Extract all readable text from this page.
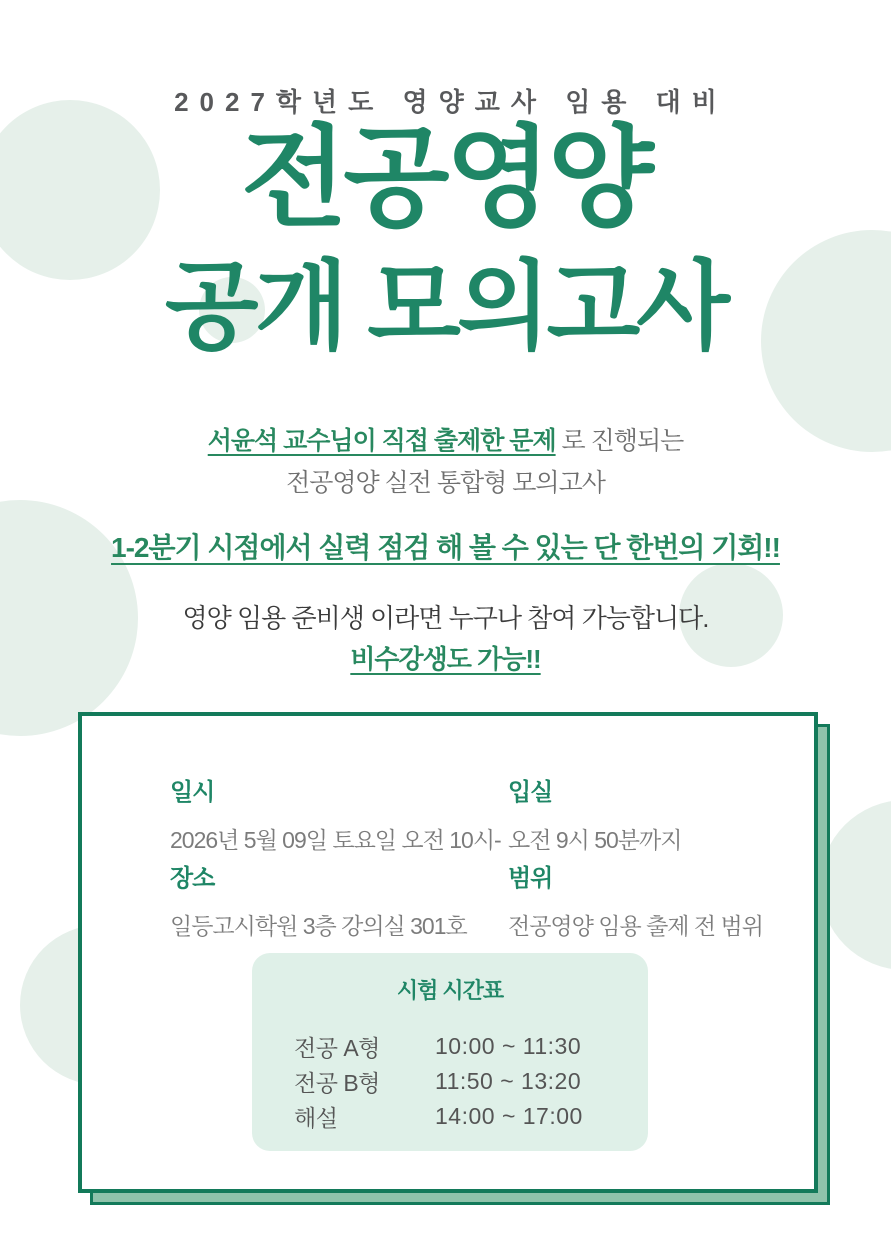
2027학년도 영양교사 임용 대비
전공영양
공개 모의고사
서윤석 교수님이 직접 출제한 문제 로 진행되는
전공영양 실전 통합형 모의고사
1-2분기 시점에서 실력 점검 해 볼 수 있는 단 한번의 기회!!
영양 임용 준비생 이라면 누구나 참여 가능합니다.
비수강생도 가능!!
일시
2026년 5월 09일 토요일 오전 10시-
입실
오전 9시 50분까지
장소
일등고시학원 3층 강의실 301호
범위
전공영양 임용 출제 전 범위
시험 시간표
전공 A형	10:00 ~ 11:30
전공 B형	11:50 ~ 13:20
해설	14:00 ~ 17:00
